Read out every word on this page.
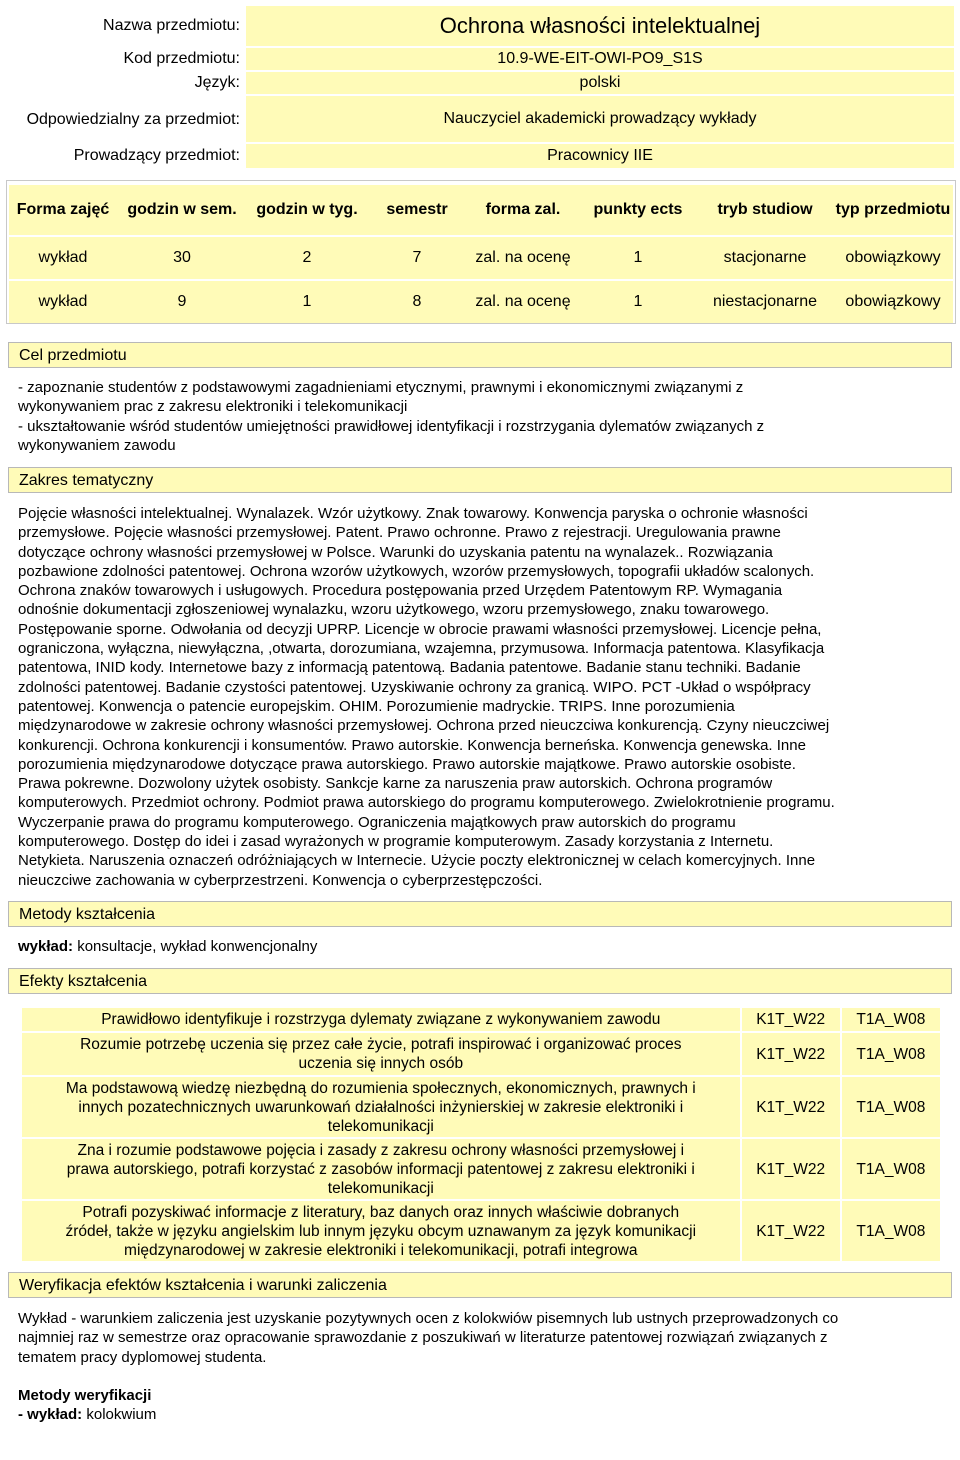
Nazwa przedmiotu:	Ochrona własności intelektualnej
Kod przedmiotu:	10.9-WE-EIT-OWI-PO9_S1S
Język:	polski
Odpowiedzialny za przedmiot:	Nauczyciel akademicki prowadzący wykłady
Prowadzący przedmiot:	Pracownicy IIE
Forma zajęć	godzin w sem.	godzin w tyg.	semestr	forma zal.	punkty ects	tryb studiow	typ przedmiotu
wykład	30	2	7	zal. na ocenę	1	stacjonarne	obowiązkowy
wykład	9	1	8	zal. na ocenę	1	niestacjonarne	obowiązkowy
Cel przedmiotu
- zapoznanie studentów z podstawowymi zagadnieniami etycznymi, prawnymi i ekonomicznymi związanymi z
wykonywaniem prac z zakresu elektroniki i telekomunikacji
- ukształtowanie wśród studentów umiejętności prawidłowej identyfikacji i rozstrzygania dylematów związanych z
wykonywaniem zawodu
Zakres tematyczny
Pojęcie własności intelektualnej. Wynalazek. Wzór użytkowy. Znak towarowy. Konwencja paryska o ochronie własności
przemysłowe. Pojęcie własności przemysłowej. Patent. Prawo ochronne. Prawo z rejestracji. Uregulowania prawne
dotyczące ochrony własności przemysłowej w Polsce. Warunki do uzyskania patentu na wynalazek.. Rozwiązania
pozbawione zdolności patentowej. Ochrona wzorów użytkowych, wzorów przemysłowych, topografii układów scalonych.
Ochrona znaków towarowych i usługowych. Procedura postępowania przed Urzędem Patentowym RP. Wymagania
odnośnie dokumentacji zgłoszeniowej wynalazku, wzoru użytkowego, wzoru przemysłowego, znaku towarowego.
Postępowanie sporne. Odwołania od decyzji UPRP. Licencje w obrocie prawami własności przemysłowej. Licencje pełna,
ograniczona, wyłączna, niewyłączna, ,otwarta, dorozumiana, wzajemna, przymusowa. Informacja patentowa. Klasyfikacja
patentowa, INID kody. Internetowe bazy z informacją patentową. Badania patentowe. Badanie stanu techniki. Badanie
zdolności patentowej. Badanie czystości patentowej. Uzyskiwanie ochrony za granicą. WIPO. PCT -Układ o współpracy
patentowej. Konwencja o patencie europejskim. OHIM. Porozumienie madryckie. TRIPS. Inne porozumienia
międzynarodowe w zakresie ochrony własności przemysłowej. Ochrona przed nieuczciwa konkurencją. Czyny nieuczciwej
konkurencji. Ochrona konkurencji i konsumentów. Prawo autorskie. Konwencja berneńska. Konwencja genewska. Inne
porozumienia międzynarodowe dotyczące prawa autorskiego. Prawo autorskie majątkowe. Prawo autorskie osobiste.
Prawa pokrewne. Dozwolony użytek osobisty. Sankcje karne za naruszenia praw autorskich. Ochrona programów
komputerowych. Przedmiot ochrony. Podmiot prawa autorskiego do programu komputerowego. Zwielokrotnienie programu.
Wyczerpanie prawa do programu komputerowego. Ograniczenia majątkowych praw autorskich do programu
komputerowego. Dostęp do idei i zasad wyrażonych w programie komputerowym. Zasady korzystania z Internetu.
Netykieta. Naruszenia oznaczeń odróżniających w Internecie. Użycie poczty elektronicznej w celach komercyjnych. Inne
nieuczciwe zachowania w cyberprzestrzeni. Konwencja o cyberprzestępczości.
Metody kształcenia
wykład: konsultacje, wykład konwencjonalny
Efekty kształcenia
Prawidłowo identyfikuje i rozstrzyga dylematy związane z wykonywaniem zawodu	K1T_W22	T1A_W08

Rozumie potrzebę uczenia się przez całe życie, potrafi inspirować i organizować proces
uczenia się innych osób	K1T_W22	T1A_W08

Ma podstawową wiedzę niezbędną do rozumienia społecznych, ekonomicznych, prawnych i
innych pozatechnicznych uwarunkowań działalności inżynierskiej w zakresie elektroniki i
telekomunikacji	K1T_W22	T1A_W08

Zna i rozumie podstawowe pojęcia i zasady z zakresu ochrony własności przemysłowej i
prawa autorskiego, potrafi korzystać z zasobów informacji patentowej z zakresu elektroniki i
telekomunikacji	K1T_W22	T1A_W08

Potrafi pozyskiwać informacje z literatury, baz danych oraz innych właściwie dobranych
źródeł, także w języku angielskim lub innym języku obcym uznawanym za język komunikacji
międzynarodowej w zakresie elektroniki i telekomunikacji, potrafi integrowa	K1T_W22	T1A_W08
Weryfikacja efektów kształcenia i warunki zaliczenia
Wykład - warunkiem zaliczenia jest uzyskanie pozytywnych ocen z kolokwiów pisemnych lub ustnych przeprowadzonych co
najmniej raz w semestrze oraz opracowanie sprawozdanie z poszukiwań w literaturze patentowej rozwiązań związanych z
tematem pracy dyplomowej studenta.
Metody weryfikacji
- wykład: kolokwium
